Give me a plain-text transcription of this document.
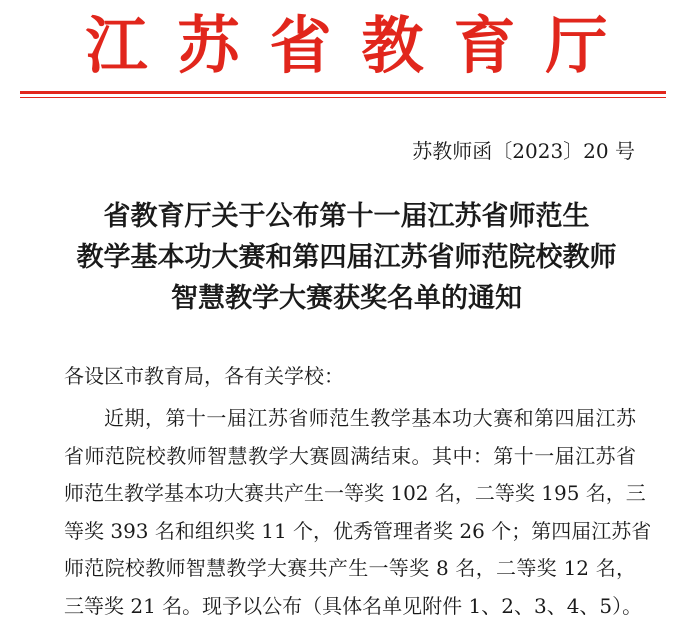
江苏省教育厅
苏教师函〔2023〕20 号
省教育厅关于公布第十一届江苏省师范生
教学基本功大赛和第四届江苏省师范院校教师
智慧教学大赛获奖名单的通知
各设区市教育局，各有关学校：
近期，第十一届江苏省师范生教学基本功大赛和第四届江苏
省师范院校教师智慧教学大赛圆满结束。其中：第十一届江苏省
师范生教学基本功大赛共产生一等奖 102 名，二等奖 195 名，三
等奖 393 名和组织奖 11 个，优秀管理者奖 26 个；第四届江苏省
师范院校教师智慧教学大赛共产生一等奖 8 名，二等奖 12 名，
三等奖 21 名。现予以公布（具体名单见附件 1、2、3、4、5）。
